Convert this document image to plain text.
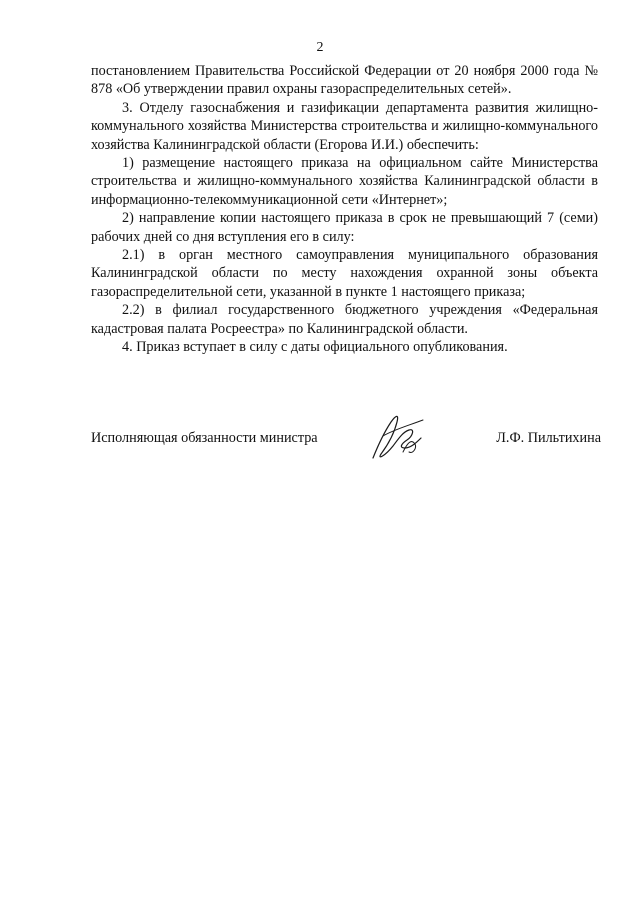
2

постановлением Правительства Российской Федерации от 20 ноября 2000 года № 878 «Об утверждении правил охраны газораспределительных сетей».

3. Отделу газоснабжения и газификации департамента развития жилищно-коммунального хозяйства Министерства строительства и жилищно-коммунального хозяйства Калининградской области (Егорова И.И.) обеспечить:

1) размещение настоящего приказа на официальном сайте Министерства строительства и жилищно-коммунального хозяйства Калининградской области в информационно-телекоммуникационной сети «Интернет»;

2) направление копии настоящего приказа в срок не превышающий 7 (семи) рабочих дней со дня вступления его в силу:

2.1) в орган местного самоуправления муниципального образования Калининградской области по месту нахождения охранной зоны объекта газораспределительной сети, указанной в пункте 1 настоящего приказа;

2.2) в филиал государственного бюджетного учреждения «Федеральная кадастровая палата Росреестра» по Калининградской области.

4. Приказ вступает в силу с даты официального опубликования.

Исполняющая обязанности министра	Л.Ф. Пильтихина
